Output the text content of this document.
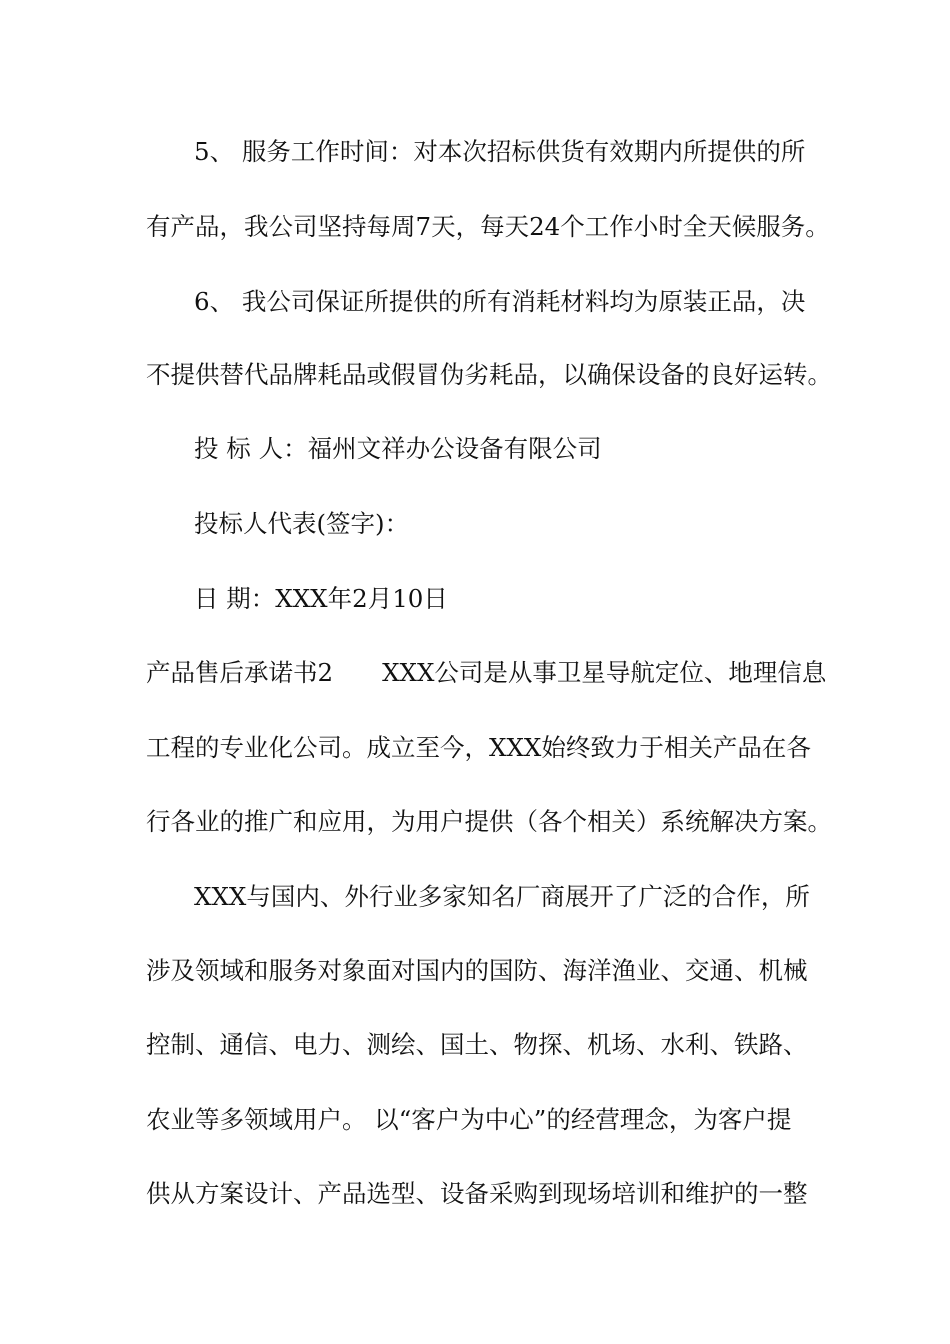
5、 服务工作时间：对本次招标供货有效期内所提供的所
有产品，我公司坚持每周7天，每天24个工作小时全天候服务。
6、 我公司保证所提供的所有消耗材料均为原装正品，决
不提供替代品牌耗品或假冒伪劣耗品，以确保设备的良好运转。
投 标 人：福州文祥办公设备有限公司
投标人代表(签字)：
日 期：XXX年2月10日
产品售后承诺书2　　XXX公司是从事卫星导航定位、地理信息
工程的专业化公司。成立至今，XXX始终致力于相关产品在各
行各业的推广和应用，为用户提供（各个相关）系统解决方案。
XXX与国内、外行业多家知名厂商展开了广泛的合作，所
涉及领域和服务对象面对国内的国防、海洋渔业、交通、机械
控制、通信、电力、测绘、国土、物探、机场、水利、铁路、
农业等多领域用户。 以“客户为中心”的经营理念，为客户提
供从方案设计、产品选型、设备采购到现场培训和维护的一整
